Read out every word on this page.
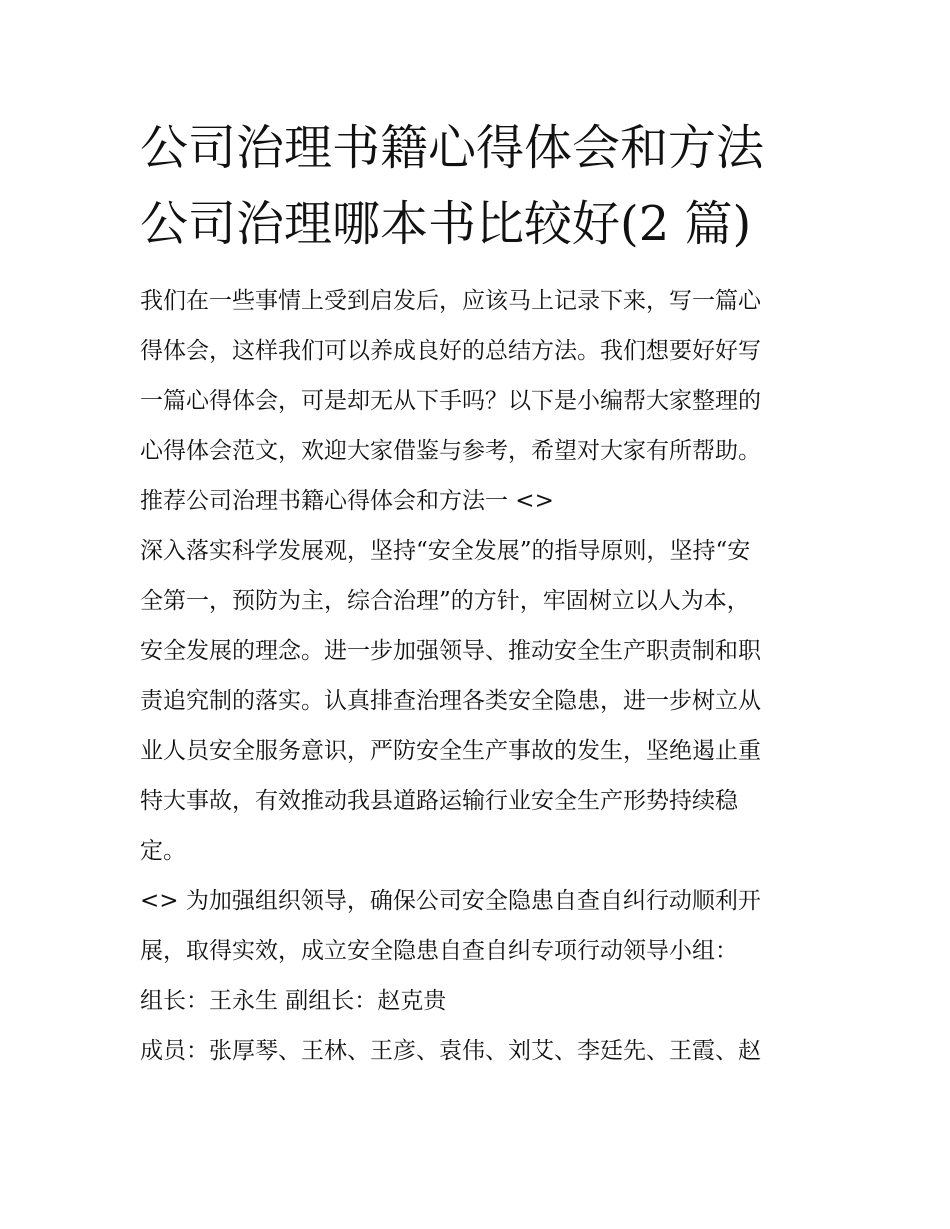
公司治理书籍心得体会和方法
公司治理哪本书比较好(2 篇)

我们在一些事情上受到启发后，应该马上记录下来，写一篇心

得体会，这样我们可以养成良好的总结方法。我们想要好好写

一篇心得体会，可是却无从下手吗？以下是小编帮大家整理的

心得体会范文，欢迎大家借鉴与参考，希望对大家有所帮助。

推荐公司治理书籍心得体会和方法一 <>

深入落实科学发展观，坚持“安全发展”的指导原则，坚持“安

全第一，预防为主，综合治理”的方针，牢固树立以人为本，

安全发展的理念。进一步加强领导、推动安全生产职责制和职

责追究制的落实。认真排查治理各类安全隐患，进一步树立从

业人员安全服务意识，严防安全生产事故的发生，坚绝遏止重

特大事故，有效推动我县道路运输行业安全生产形势持续稳

定。

<> 为加强组织领导，确保公司安全隐患自查自纠行动顺利开

展，取得实效，成立安全隐患自查自纠专项行动领导小组：

组长：王永生 副组长：赵克贵

成员：张厚琴、王林、王彦、袁伟、刘艾、李廷先、王霞、赵
